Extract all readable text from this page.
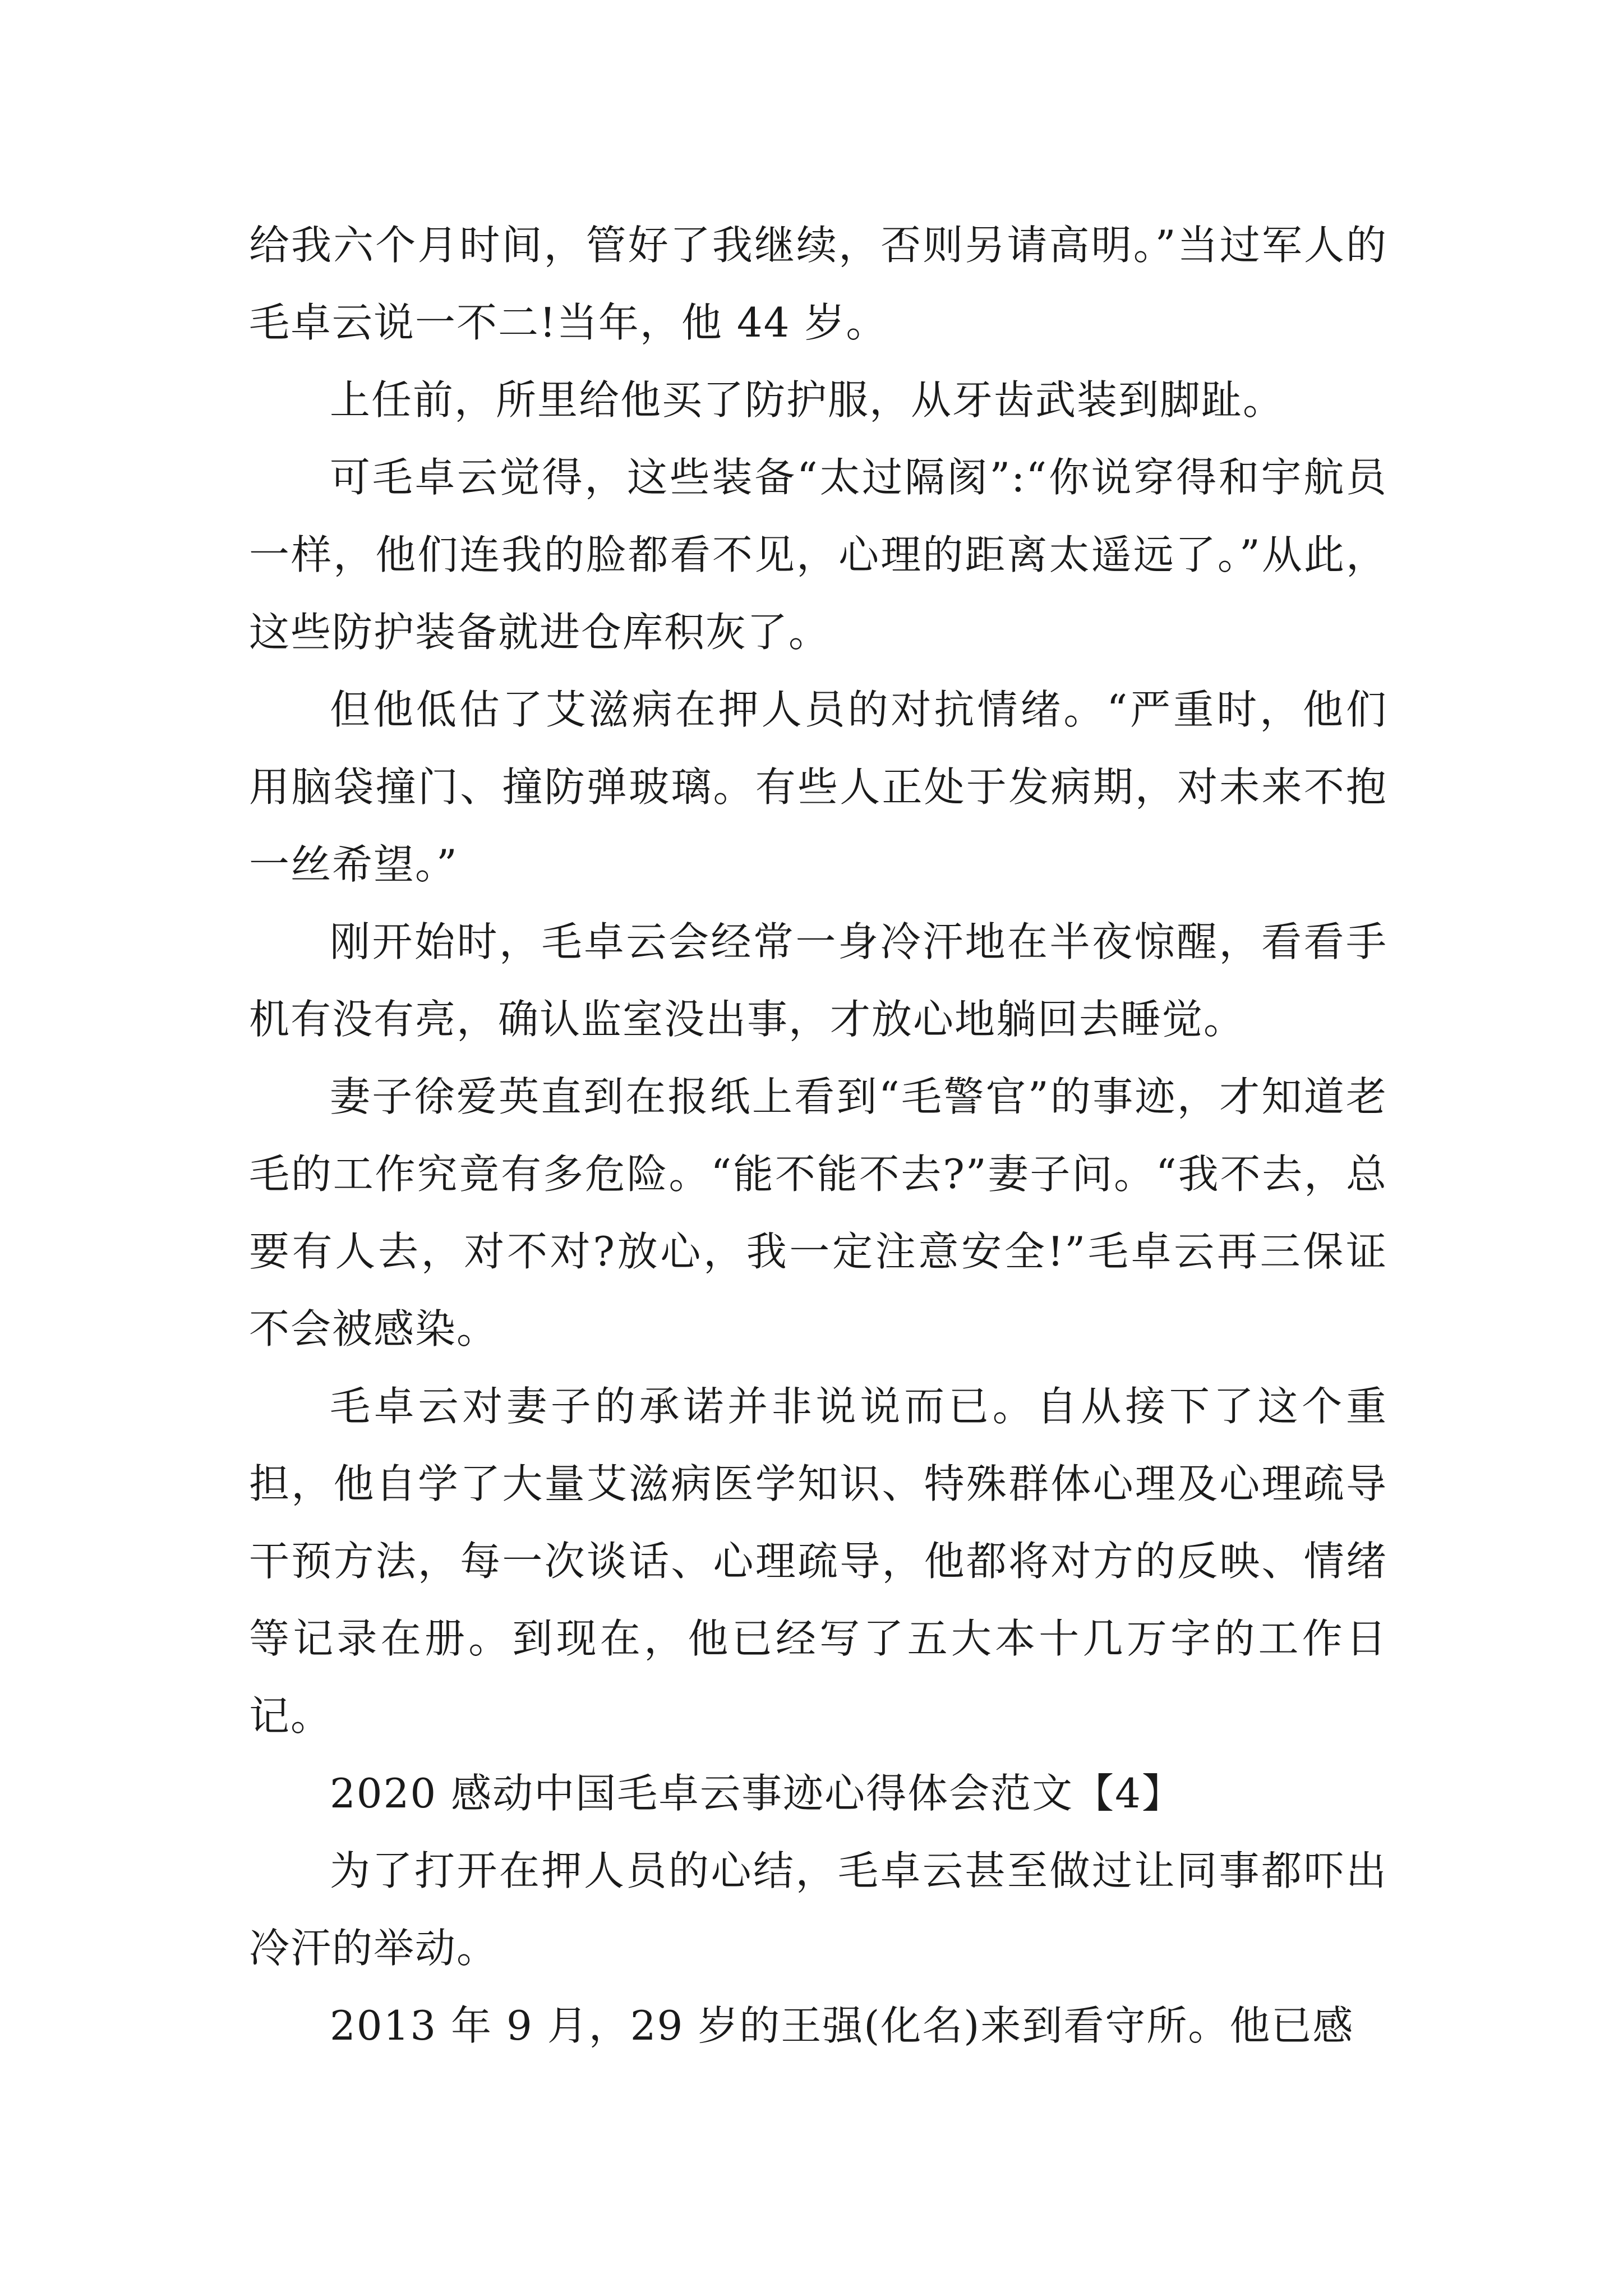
给我六个月时间，管好了我继续，否则另请高明。”当过军人的毛卓云说一不二!当年，他 44 岁。

上任前，所里给他买了防护服，从牙齿武装到脚趾。

可毛卓云觉得，这些装备“太过隔阂”:“你说穿得和宇航员一样，他们连我的脸都看不见，心理的距离太遥远了。”从此，这些防护装备就进仓库积灰了。

但他低估了艾滋病在押人员的对抗情绪。“严重时，他们用脑袋撞门、撞防弹玻璃。有些人正处于发病期，对未来不抱一丝希望。”

刚开始时，毛卓云会经常一身冷汗地在半夜惊醒，看看手机有没有亮，确认监室没出事，才放心地躺回去睡觉。

妻子徐爱英直到在报纸上看到“毛警官”的事迹，才知道老毛的工作究竟有多危险。“能不能不去?”妻子问。“我不去，总要有人去，对不对?放心，我一定注意安全!”毛卓云再三保证不会被感染。

毛卓云对妻子的承诺并非说说而已。自从接下了这个重担，他自学了大量艾滋病医学知识、特殊群体心理及心理疏导干预方法，每一次谈话、心理疏导，他都将对方的反映、情绪等记录在册。到现在，他已经写了五大本十几万字的工作日记。

2020 感动中国毛卓云事迹心得体会范文【4】

为了打开在押人员的心结，毛卓云甚至做过让同事都吓出冷汗的举动。

2013 年 9 月，29 岁的王强(化名)来到看守所。他已感
